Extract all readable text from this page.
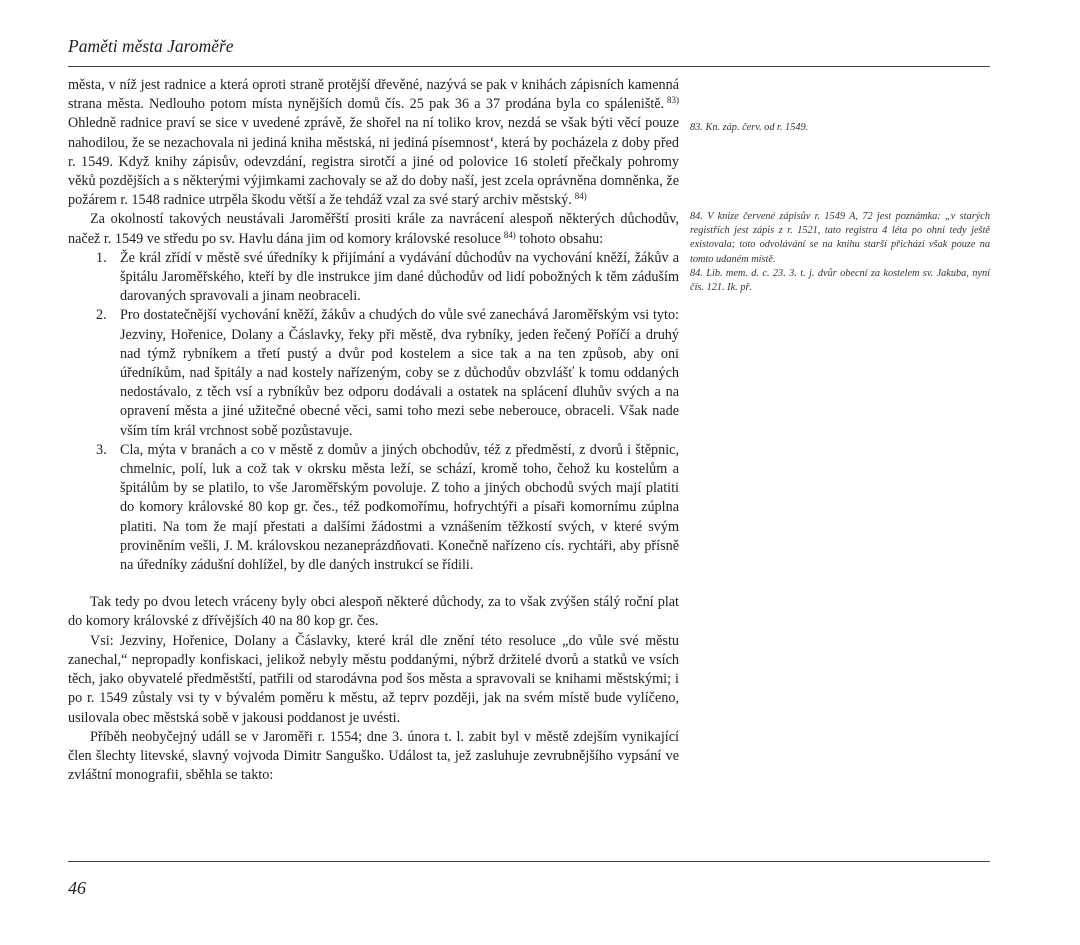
Paměti města Jaroměře

města, v níž jest radnice a která oproti straně protější dřevěné, nazývá se pak v knihách zápisních kamenná strana města. Nedlouho potom místa nynějších domů čís. 25 pak 36 a 37 prodána byla co spáleniště.  $^{83)}$ Ohledně radnice praví se sice v uvedené zprávě, že shořel na ní toliko krov, nezdá se však býti věcí pouze nahodilou, že se nezachovala ni jediná kniha městská, ni jediná písemnost‘, která by pocházela z doby před r. 1549. Když knihy zápisův, odevzdání, registra sirotčí a jiné od polovice 16 století přečkaly pohromy věků pozdějších a s některými výjimkami zachovaly se až do doby naší, jest zcela oprávněna domněnka, že požárem r. 1548 radnice utrpěla škodu větší a že tehdáž vzal za své starý archiv městský.  $^{84)}$

Za okolností takových neustávali Jaroměřští prositi krále za navrácení alespoň některých důchodův, načež r. 1549 ve středu po sv. Havlu dána jim od komory královské resoluce  $^{84)}$ tohoto obsahu:

1. Že král zřídí v městě své úředníky k přijímání a vydávání důchodův na vychování kněží, žákův a špitálu Jaroměřského, kteří by dle instrukce jim dané důchodův od lidí pobožných k těm záduším darovaných spravovali a jinam neobraceli.
2. Pro dostatečnější vychování kněží, žákův a chudých do vůle své zanechává Jaroměřským vsi tyto: Jezviny, Hořenice, Dolany a Čáslavky, řeky při městě, dva rybníky, jeden řečený Poříčí a druhý nad týmž rybníkem a třetí pustý a dvůr pod kostelem a sice tak a na ten způsob, aby oni úředníkům, nad špitály a nad kostely nařízeným, coby se z důchodův obzvlášť k tomu oddaných nedostávalo, z těch vsí a rybníkův bez odporu dodávali a ostatek na splácení dluhův svých a na opravení města a jiné užitečné obecné věci, sami toho mezi sebe neberouce, obraceli. Však nade vším tím král vrchnost sobě pozůstavuje.
3. Cla, mýta v branách a co v městě z domův a jiných obchodův, též z předměstí, z dvorů i štěpnic, chmelnic, polí, luk a což tak v okrsku města leží, se schází, kromě toho, čehož ku kostelům a špitálům by se platilo, to vše Jaroměřským povoluje. Z toho a jiných obchodů svých mají platiti do komory královské 80 kop gr. čes., též podkomořímu, hofrychtýři a písaři komornímu zúplna platiti. Na tom že mají přestati a dalšími žádostmi a vznášením těžkostí svých, v které svým proviněním vešli, J. M. královskou nezaneprázdňovati. Konečně nařízeno cís. rychtáři, aby přísně na úředníky zádušní dohlížel, by dle daných instrukcí se řídili.

Tak tedy po dvou letech vráceny byly obci alespoň některé důchody, za to však zvýšen stálý roční plat do komory královské z dřívějších 40 na 80 kop gr. čes.

Vsi: Jezviny, Hořenice, Dolany a Čáslavky, které král dle znění této resoluce „do vůle své městu zanechal,“ nepropadly konfiskaci, jelikož nebyly městu poddanými, nýbrž držitelé dvorů a statků ve vsích těch, jako obyvatelé předměstští, patřili od starodávna pod šos města a spravovali se knihami městskými; i po r. 1549 zůstaly vsi ty v bývalém poměru k městu, až teprv později, jak na svém místě bude vylíčeno, usilovala obec městská sobě v jakousi poddanost je uvésti.

Příběh neobyčejný událl se v Jaroměři r. 1554; dne 3. února t. l. zabit byl v městě zdejším vynikající člen šlechty litevské, slavný vojvoda Dimitr Sanguško. Událost ta, jež zasluhuje zevrubnějšího vypsání ve zvláštní monografii, sběhla se takto:

83. Kn. záp. červ. od r. 1549.

84. V knize červené zápisův r. 1549 A, 72 jest poznámka: „v starých registřích jest zápis z r. 1521, tato registra 4 léta po ohni tedy ještě existovala; toto odvolávání se na knihu starší přichází však pouze na tomto udaném místě.

84. Lib. mem. d. c. 23. 3. t. j. dvůr obecní za kostelem sv. Jakuba, nyní čís. 121. Ik. př.

46
